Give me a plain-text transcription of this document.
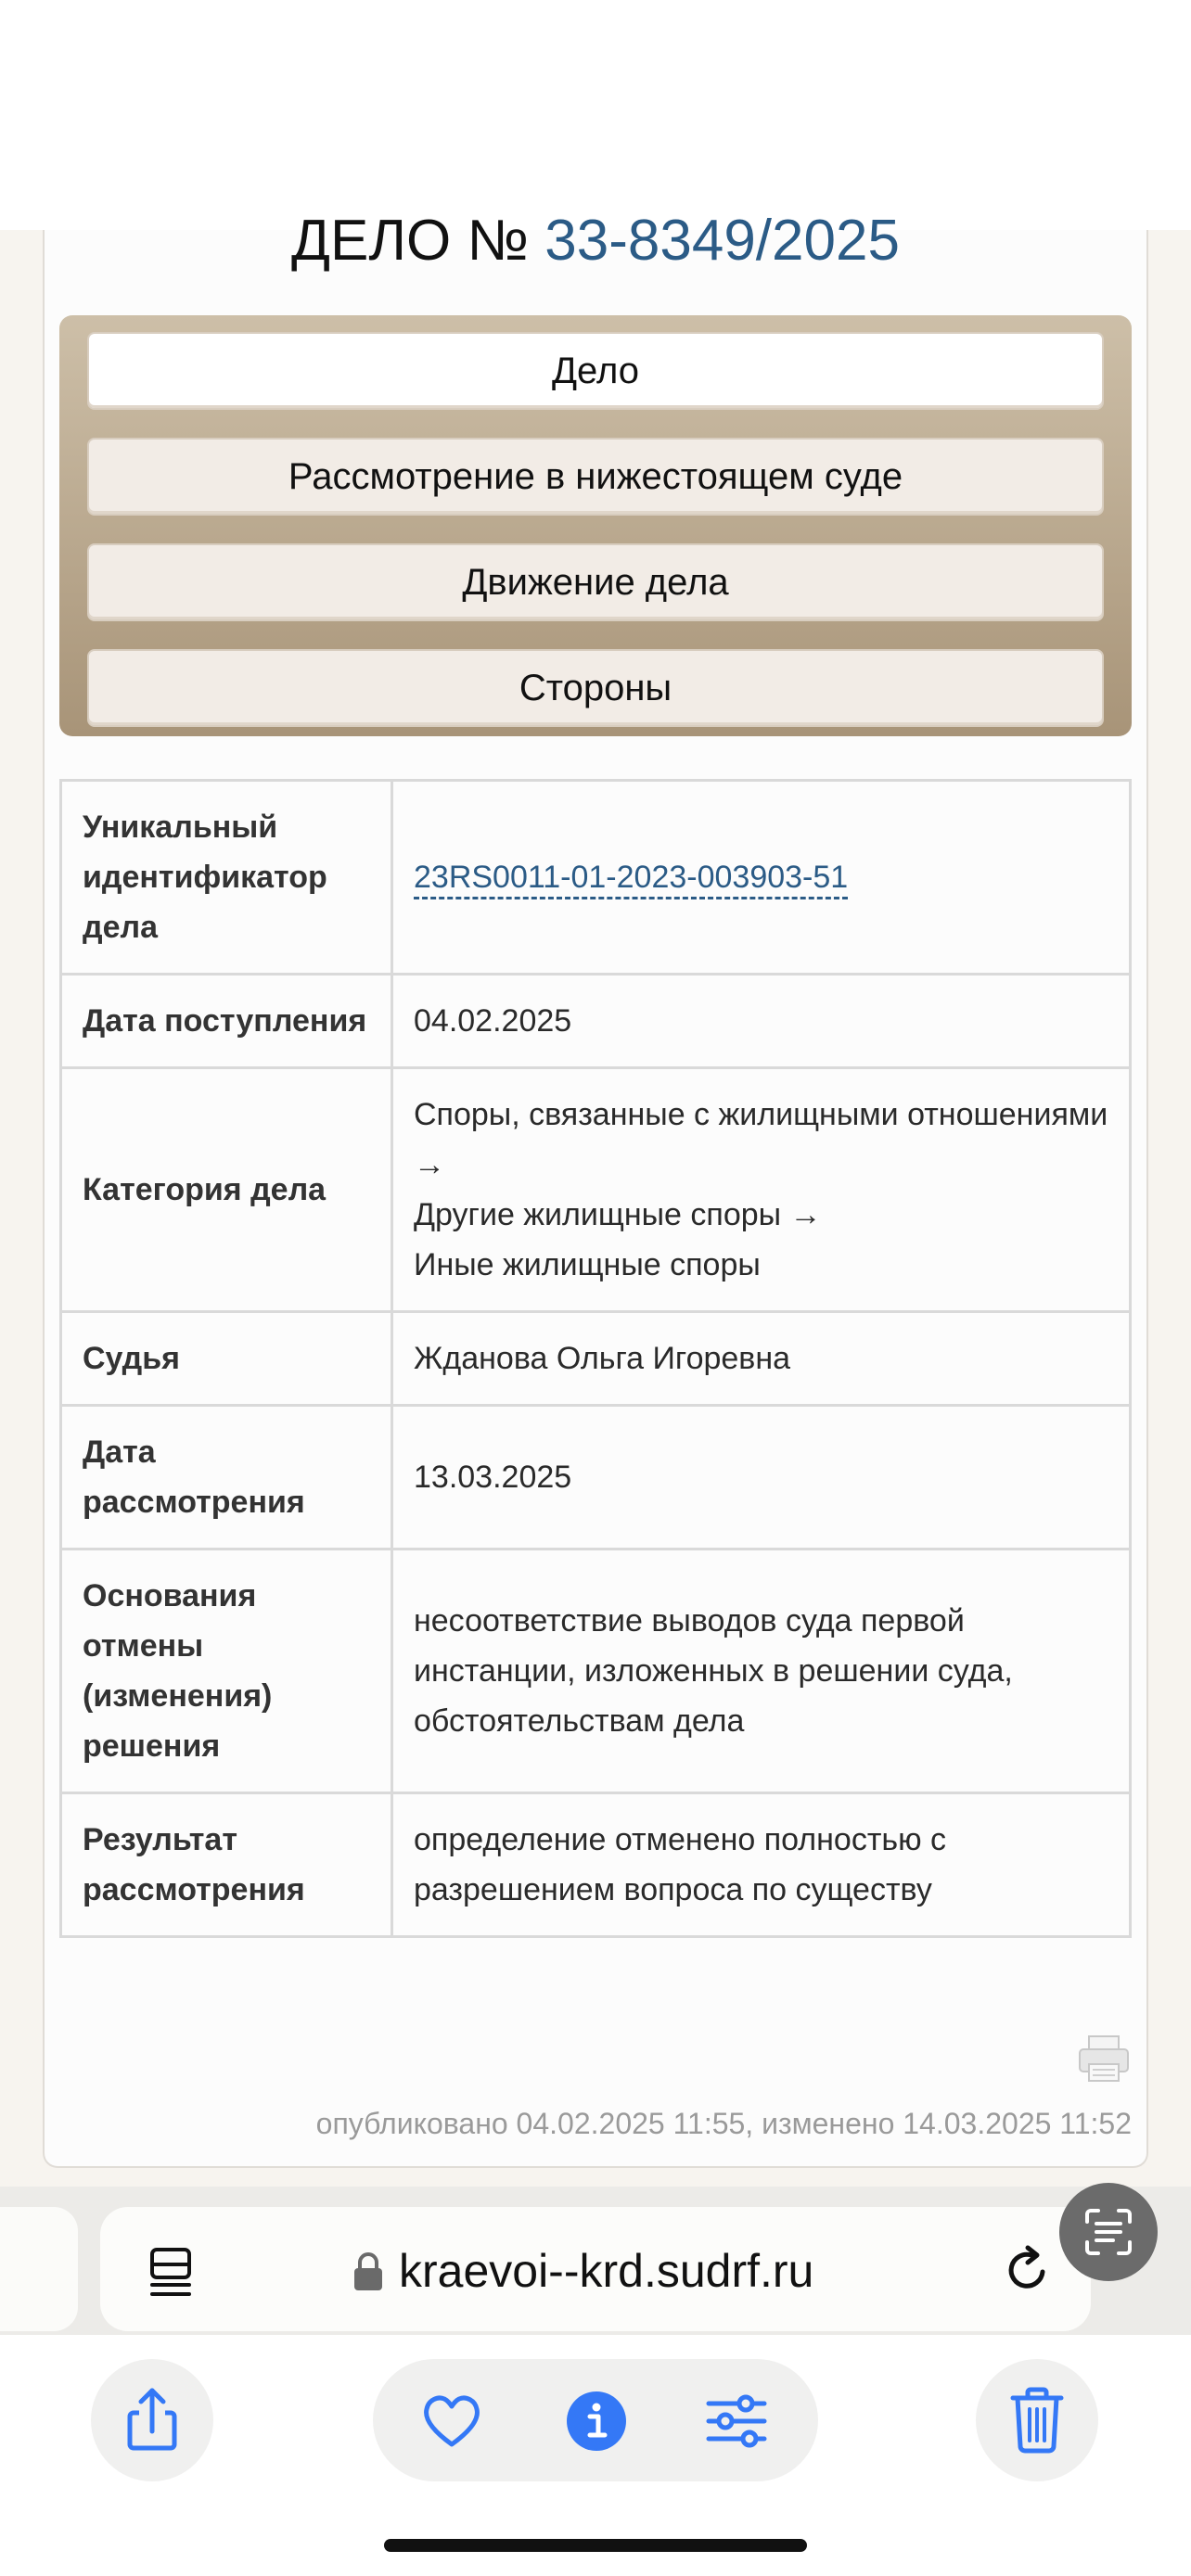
ДЕЛО № 33-8349/2025
Дело
Рассмотрение в нижестоящем суде
Движение дела
Стороны
Уникальный идентификатор дела	23RS0011-01-2023-003903-51
Дата поступления	04.02.2025
Категория дела	Споры, связанные с жилищными отношениями →
Другие жилищные споры →
Иные жилищные споры

Судья	Жданова Ольга Игоревна
Дата рассмотрения	13.03.2025
Основания отмены (изменения) решения	несоответствие выводов суда первой инстанции, изложенных в решении суда, обстоятельствам дела
Результат рассмотрения	определение отменено полностью с разрешением вопроса по существу
опубликовано 04.02.2025 11:55, изменено 14.03.2025 11:52
kraevoi--krd.sudrf.ru
